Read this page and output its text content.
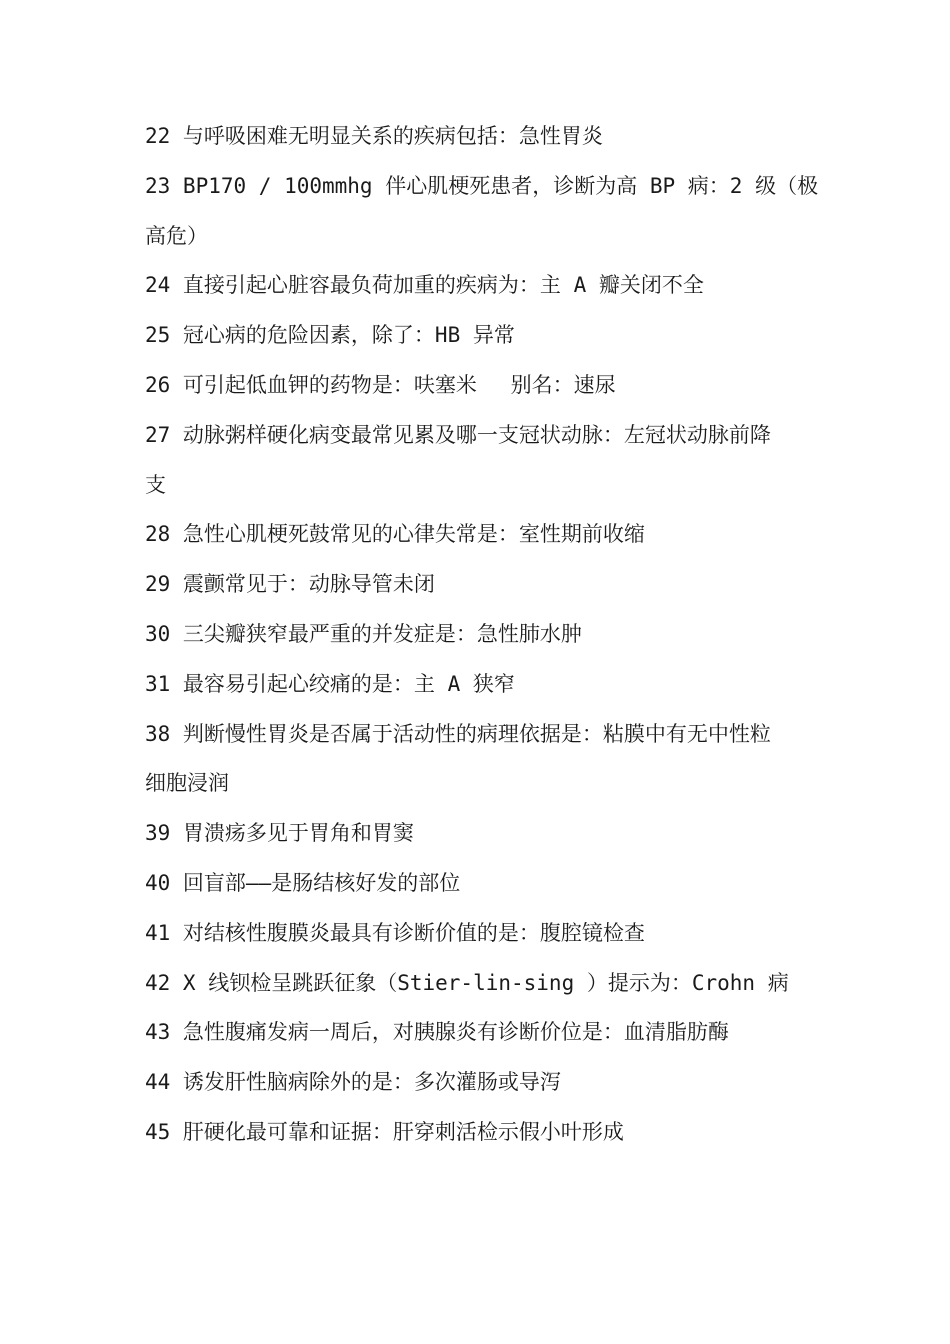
22 与呼吸困难无明显关系的疾病包括：急性胃炎

23 BP170 / 100mmhg 伴心肌梗死患者，诊断为高 BP 病：2 级（极

高危）

24 直接引起心脏容最负荷加重的疾病为：主 A 瓣关闭不全

25 冠心病的危险因素，除了：HB 异常

26 可引起低血钾的药物是：呋塞米　 别名：速尿

27 动脉粥样硬化病变最常见累及哪一支冠状动脉：左冠状动脉前降

支

28 急性心肌梗死鼓常见的心律失常是：室性期前收缩

29 震颤常见于：动脉导管未闭

30 三尖瓣狭窄最严重的并发症是：急性肺水肿

31 最容易引起心绞痛的是：主 A 狭窄

38 判断慢性胃炎是否属于活动性的病理依据是：粘膜中有无中性粒

细胞浸润

39 胃溃疡多见于胃角和胃窦

40 回盲部——是肠结核好发的部位

41 对结核性腹膜炎最具有诊断价值的是：腹腔镜检查

42 X 线钡检呈跳跃征象（Stier-lin-sing ）提示为：Crohn 病

43 急性腹痛发病一周后，对胰腺炎有诊断价位是：血清脂肪酶

44 诱发肝性脑病除外的是：多次灌肠或导泻

45 肝硬化最可靠和证据：肝穿刺活检示假小叶形成
